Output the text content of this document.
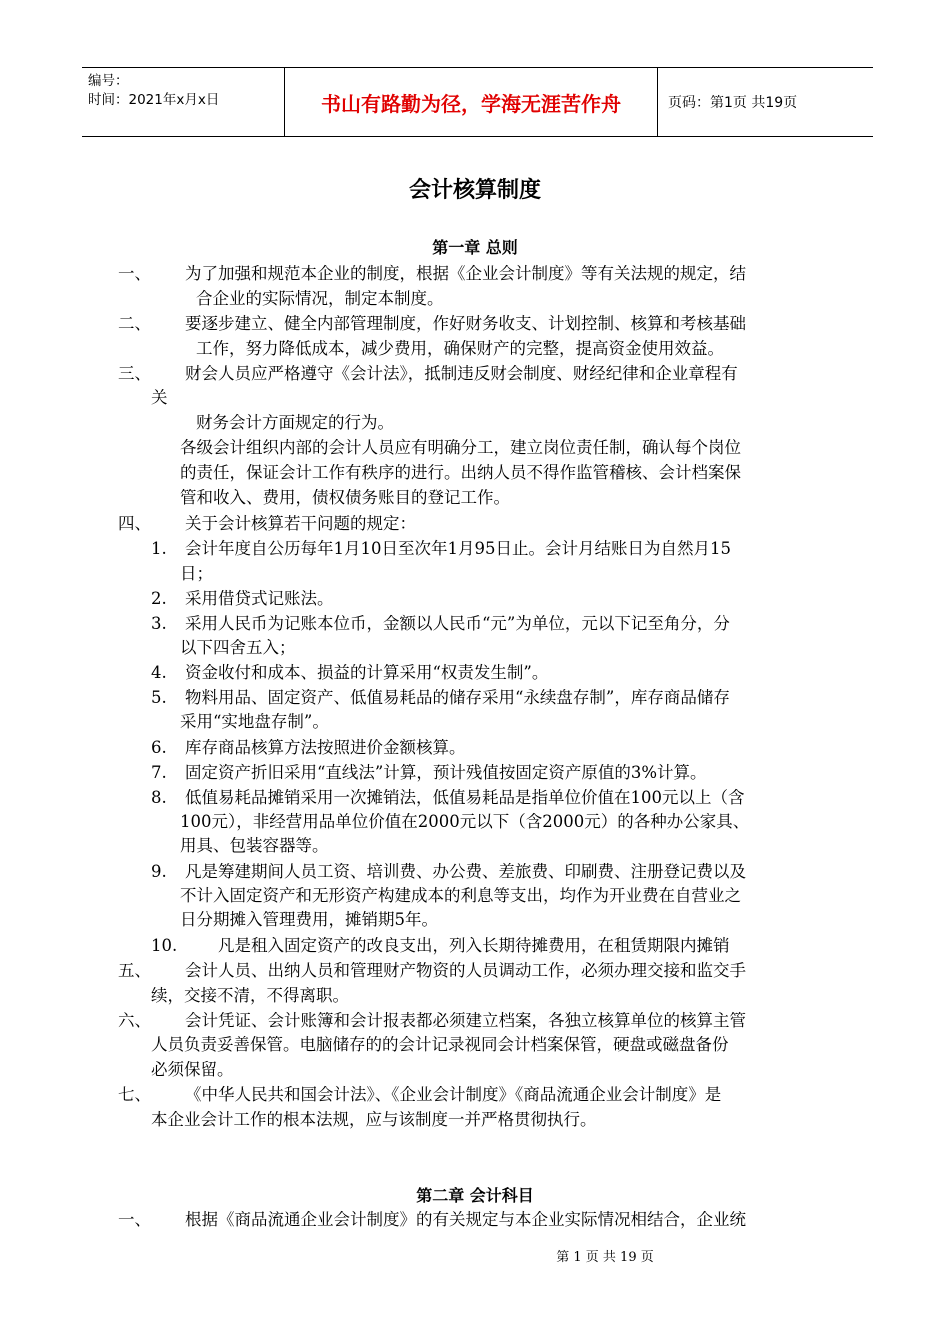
编号：
时间：2021年x月x日	书山有路勤为径，学海无涯苦作舟	页码：第1页 共19页
会计核算制度
第一章 总则
一、 为了加强和规范本企业的制度，根据《企业会计制度》等有关法规的规定，结
合企业的实际情况，制定本制度。
二、 要逐步建立、健全内部管理制度，作好财务收支、计划控制、核算和考核基础
工作，努力降低成本，减少费用，确保财产的完整，提高资金使用效益。
三、 财会人员应严格遵守《会计法》，抵制违反财会制度、财经纪律和企业章程有
关
财务会计方面规定的行为。
各级会计组织内部的会计人员应有明确分工，建立岗位责任制，确认每个岗位
的责任，保证会计工作有秩序的进行。出纳人员不得作监管稽核、会计档案保
管和收入、费用，债权债务账目的登记工作。
四、 关于会计核算若干问题的规定：
1. 会计年度自公历每年1月10日至次年1月95日止。会计月结账日为自然月15
日；
2. 采用借贷式记账法。
3. 采用人民币为记账本位币，金额以人民币“元”为单位，元以下记至角分，分
以下四舍五入；
4. 资金收付和成本、损益的计算采用“权责发生制”。
5. 物料用品、固定资产、低值易耗品的储存采用“永续盘存制”，库存商品储存
采用“实地盘存制”。
6. 库存商品核算方法按照进价金额核算。
7. 固定资产折旧采用“直线法”计算，预计残值按固定资产原值的3%计算。
8. 低值易耗品摊销采用一次摊销法，低值易耗品是指单位价值在100元以上（含
100元），非经营用品单位价值在2000元以下（含2000元）的各种办公家具、
用具、包装容器等。
9. 凡是筹建期间人员工资、培训费、办公费、差旅费、印刷费、注册登记费以及
不计入固定资产和无形资产构建成本的利息等支出，均作为开业费在自营业之
日分期摊入管理费用，摊销期5年。
10. 凡是租入固定资产的改良支出，列入长期待摊费用，在租赁期限内摊销
五、 会计人员、出纳人员和管理财产物资的人员调动工作，必须办理交接和监交手
续，交接不清，不得离职。
六、 会计凭证、会计账簿和会计报表都必须建立档案，各独立核算单位的核算主管
人员负责妥善保管。电脑储存的的会计记录视同会计档案保管，硬盘或磁盘备份
必须保留。
七、 《中华人民共和国会计法》、《企业会计制度》《商品流通企业会计制度》是
本企业会计工作的根本法规，应与该制度一并严格贯彻执行。
第二章 会计科目
一、 根据《商品流通企业会计制度》的有关规定与本企业实际情况相结合，企业统
第 1 页 共 19 页
